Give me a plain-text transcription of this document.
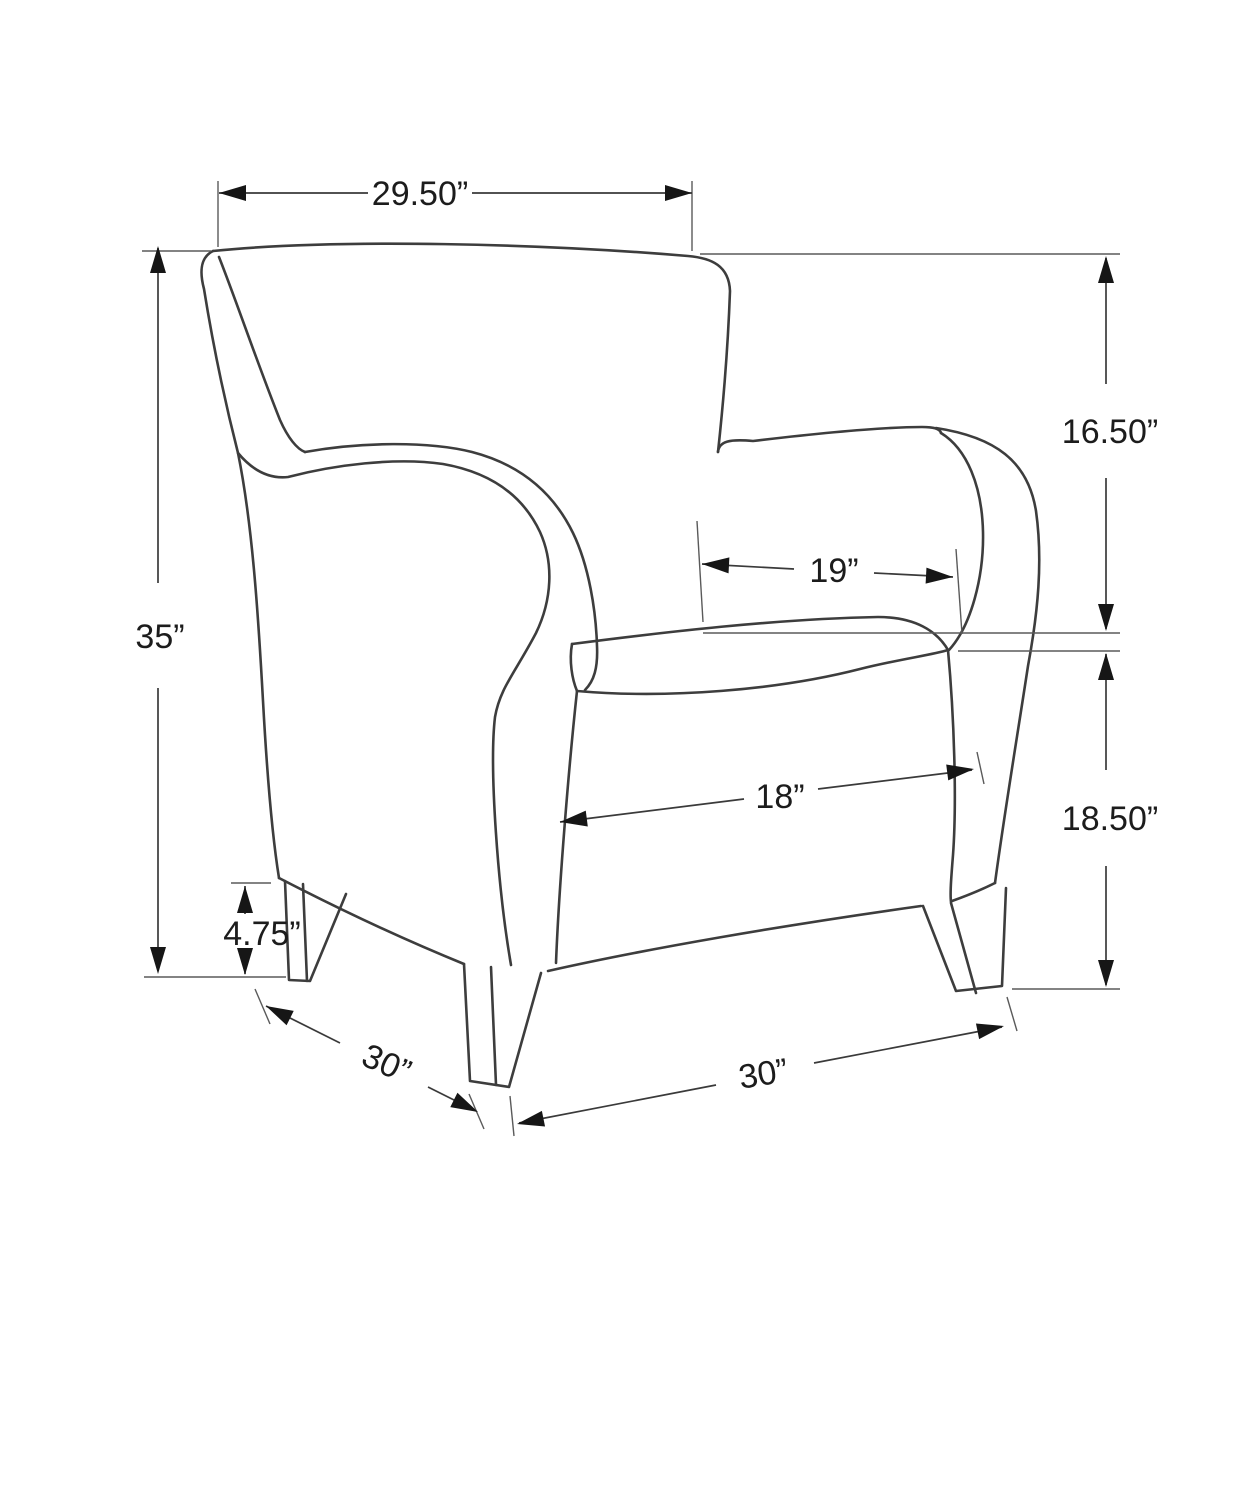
29.50”
16.50”
19”
35”
18”
18.50”
4.75”
30”	30”
